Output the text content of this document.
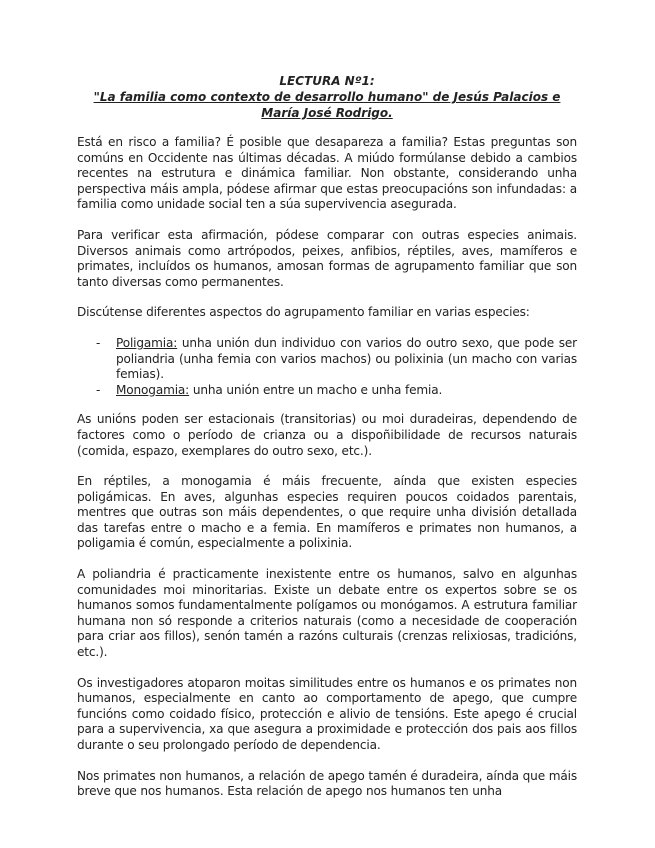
LECTURA Nº1:

"La familia como contexto de desarrollo humano" de Jesús Palacios e María José Rodrigo.

Está en risco a familia? É posible que desapareza a familia? Estas preguntas son comúns en Occidente nas últimas décadas. A miúdo formúlanse debido a cambios recentes na estrutura e dinámica familiar. Non obstante, considerando unha perspectiva máis ampla, pódese afirmar que estas preocupacións son infundadas: a familia como unidade social ten a súa supervivencia asegurada.

Para verificar esta afirmación, pódese comparar con outras especies animais. Diversos animais como artrópodos, peixes, anfibios, réptiles, aves, mamíferos e primates, incluídos os humanos, amosan formas de agrupamento familiar que son tanto diversas como permanentes.

Discútense diferentes aspectos do agrupamento familiar en varias especies:

- Poligamia: unha unión dun individuo con varios do outro sexo, que pode ser poliandria (unha femia con varios machos) ou polixinia (un macho con varias femias).
- Monogamia: unha unión entre un macho e unha femia.

As unións poden ser estacionais (transitorias) ou moi duradeiras, dependendo de factores como o período de crianza ou a dispoñibilidade de recursos naturais (comida, espazo, exemplares do outro sexo, etc.).

En réptiles, a monogamia é máis frecuente, aínda que existen especies poligámicas. En aves, algunhas especies requiren poucos coidados parentais, mentres que outras son máis dependentes, o que require unha división detallada das tarefas entre o macho e a femia. En mamíferos e primates non humanos, a poligamia é común, especialmente a polixinia.

A poliandria é practicamente inexistente entre os humanos, salvo en algunhas comunidades moi minoritarias. Existe un debate entre os expertos sobre se os humanos somos fundamentalmente polígamos ou monógamos. A estrutura familiar humana non só responde a criterios naturais (como a necesidade de cooperación para criar aos fillos), senón tamén a razóns culturais (crenzas relixiosas, tradicións, etc.).

Os investigadores atoparon moitas similitudes entre os humanos e os primates non humanos, especialmente en canto ao comportamento de apego, que cumpre funcións como coidado físico, protección e alivio de tensións. Este apego é crucial para a supervivencia, xa que asegura a proximidade e protección dos pais aos fillos durante o seu prolongado período de dependencia.

Nos primates non humanos, a relación de apego tamén é duradeira, aínda que máis breve que nos humanos. Esta relación de apego nos humanos ten unha
